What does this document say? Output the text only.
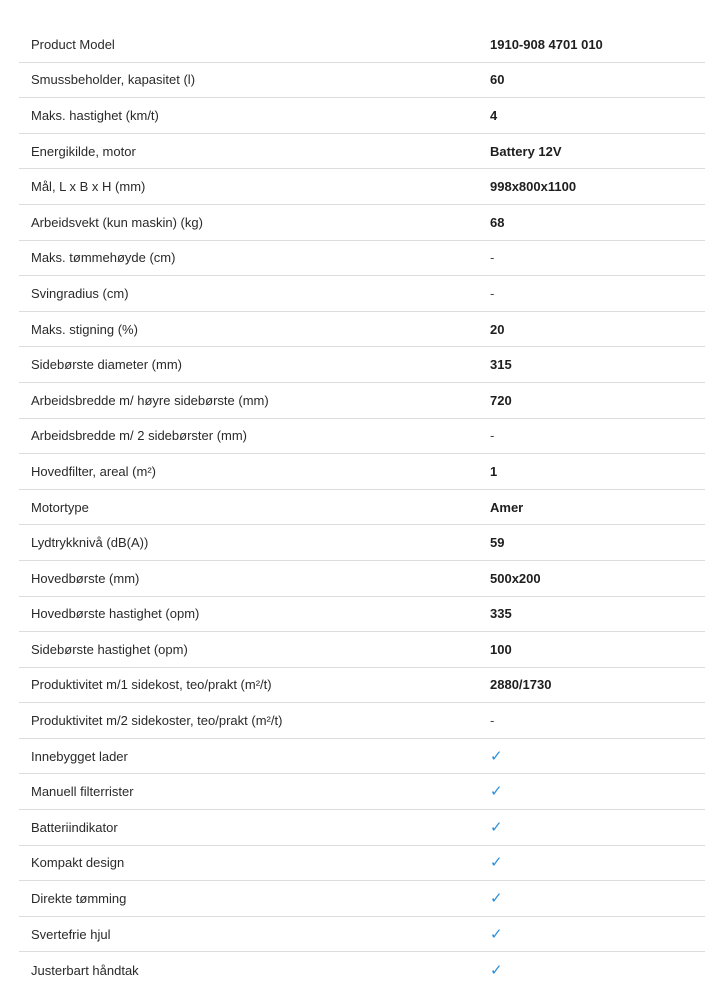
Product Model	1910-908 4701 010
Smussbeholder, kapasitet (l)	60
Maks. hastighet (km/t)	4
Energikilde, motor	Battery 12V
Mål, L x B x H (mm)	998x800x1100
Arbeidsvekt (kun maskin) (kg)	68
Maks. tømmehøyde (cm)	-
Svingradius (cm)	-
Maks. stigning (%)	20
Sidebørste diameter (mm)	315
Arbeidsbredde m/ høyre sidebørste (mm)	720
Arbeidsbredde m/ 2 sidebørster (mm)	-
Hovedfilter, areal (m²)	1
Motortype	Amer
Lydtrykknivå (dB(A))	59
Hovedbørste (mm)	500x200
Hovedbørste hastighet (opm)	335
Sidebørste hastighet (opm)	100
Produktivitet m/1 sidekost, teo/prakt (m²/t)	2880/1730
Produktivitet m/2 sidekoster, teo/prakt (m²/t)	-
Innebygget lader	✓
Manuell filterrister	✓
Batteriindikator	✓
Kompakt design	✓
Direkte tømming	✓
Svertefrie hjul	✓
Justerbart håndtak	✓
